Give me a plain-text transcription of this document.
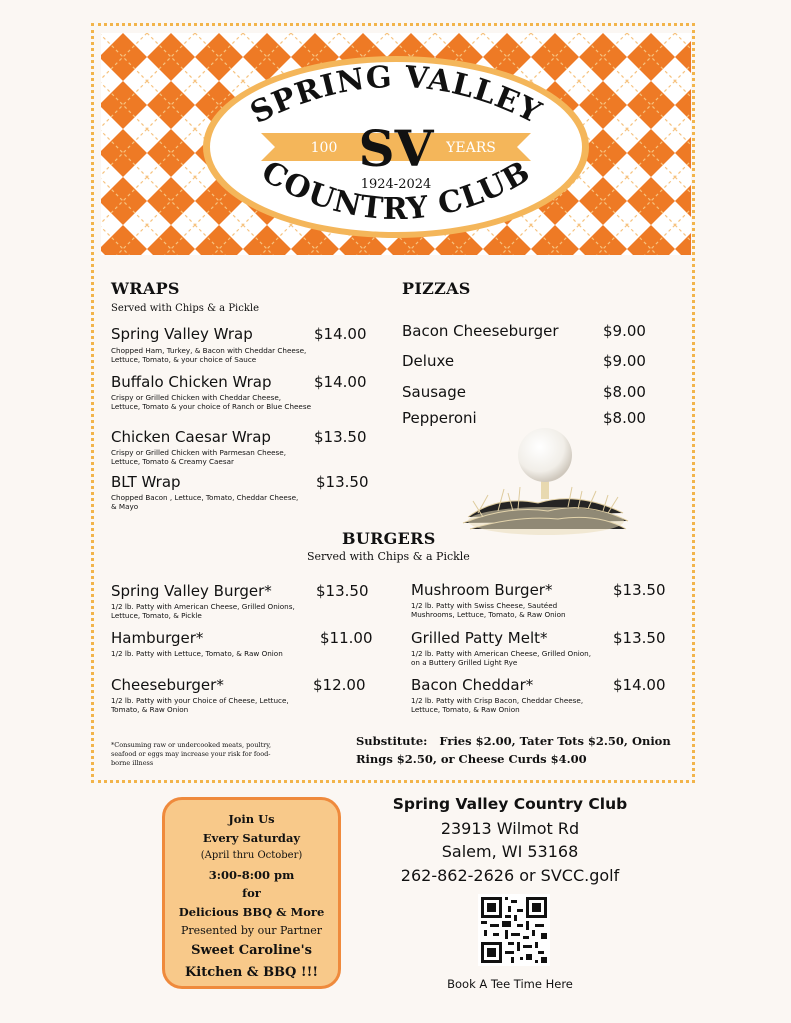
SPRING VALLEY
COUNTRY CLUB
SV
100	YEARS
1924-2024
WRAPS
Served with Chips & a Pickle
Spring Valley Wrap	$14.00
Chopped Ham, Turkey, & Bacon with Cheddar Cheese, Lettuce, Tomato, & your choice of Sauce
Buffalo Chicken Wrap	$14.00
Crispy or Grilled Chicken with Cheddar Cheese, Lettuce, Tomato & your choice of Ranch or Blue Cheese
Chicken Caesar Wrap	$13.50
Crispy or Grilled Chicken with Parmesan Cheese, Lettuce, Tomato & Creamy Caesar
BLT Wrap	$13.50
Chopped Bacon , Lettuce, Tomato, Cheddar Cheese, & Mayo
PIZZAS
Bacon Cheeseburger	$9.00
Deluxe	$9.00
Sausage	$8.00
Pepperoni	$8.00
BURGERS
Served with Chips & a Pickle
Spring Valley Burger*	$13.50
1/2 lb. Patty with American Cheese, Grilled Onions, Lettuce, Tomato, & Pickle
Hamburger*	$11.00
1/2 lb. Patty with Lettuce, Tomato, & Raw Onion
Cheeseburger*	$12.00
1/2 lb. Patty with your Choice of Cheese, Lettuce, Tomato, & Raw Onion
Mushroom Burger*	$13.50
1/2 lb. Patty with Swiss Cheese, Sautéed Mushrooms, Lettuce, Tomato, & Raw Onion
Grilled Patty Melt*	$13.50
1/2 lb. Patty with American Cheese, Grilled Onion, on a Buttery Grilled Light Rye
Bacon Cheddar*	$14.00
1/2 lb. Patty with Crisp Bacon, Cheddar Cheese, Lettuce, Tomato, & Raw Onion
*Consuming raw or undercooked meats, poultry, seafood or eggs may increase your risk for food-borne illness
Substitute:   Fries $2.00, Tater Tots $2.50, Onion
Rings $2.50, or Cheese Curds $4.00
Join Us
Every Saturday
(April thru October)
3:00-8:00 pm
for
Delicious BBQ & More
Presented by our Partner
Sweet Caroline's
Kitchen & BBQ !!!
Spring Valley Country Club
23913 Wilmot Rd
Salem, WI 53168
262-862-2626 or SVCC.golf
Book A Tee Time Here
